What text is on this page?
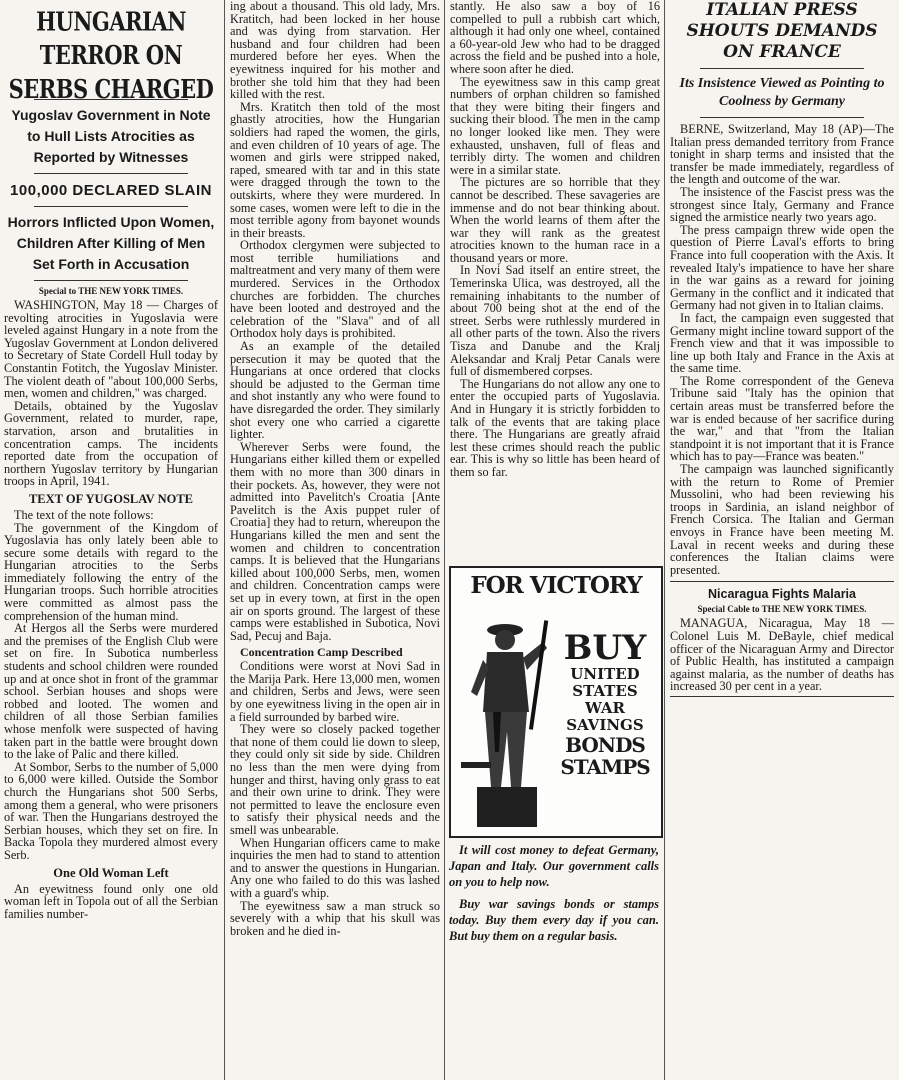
HUNGARIAN TERROR ON SERBS CHARGED
Yugoslav Government in Note to Hull Lists Atrocities as Reported by Witnesses
100,000 DECLARED SLAIN
Horrors Inflicted Upon Women, Children After Killing of Men Set Forth in Accusation
Special to THE NEW YORK TIMES.

WASHINGTON, May 18 — Charges of revolting atrocities in Yugoslavia were leveled against Hungary in a note from the Yugoslav Government at London delivered to Secretary of State Cordell Hull today by Constantin Fotitch, the Yugoslav Minister. The violent death of "about 100,000 Serbs, men, women and children," was charged.

Details, obtained by the Yugoslav Government, related to murder, rape, starvation, arson and brutalities in concentration camps. The incidents reported date from the occupation of northern Yugoslav territory by Hungarian troops in April, 1941.

TEXT OF YUGOSLAV NOTE

The text of the note follows:

The government of the Kingdom of Yugoslavia has only lately been able to secure some details with regard to the Hungarian atrocities to the Serbs immediately following the entry of the Hungarian troops. Such horrible atrocities were committed as almost pass the comprehension of the human mind.

At Hergos all the Serbs were murdered and the premises of the English Club were set on fire. In Subotica numberless students and school children were rounded up and at once shot in front of the grammar school. Serbian houses and shops were robbed and looted. The women and children of all those Serbian families whose menfolk were suspected of having taken part in the battle were brought down to the lake of Palic and there killed.

At Sombor, Serbs to the number of 5,000 to 6,000 were killed. Outside the Sombor church the Hungarians shot 500 Serbs, among them a general, who were prisoners of war. Then the Hungarians destroyed the Serbian houses, which they set on fire. In Backa Topola they murdered almost every Serb.

One Old Woman Left

An eyewitness found only one old woman left in Topola out of all the Serbian families number-

ing about a thousand. This old lady, Mrs. Kratitch, had been locked in her house and was dying from starvation. Her husband and four children had been murdered before her eyes. When the eyewitness inquired for his mother and brother she told him that they had been killed with the rest.

Mrs. Kratitch then told of the most ghastly atrocities, how the Hungarian soldiers had raped the women, the girls, and even children of 10 years of age. The women and girls were stripped naked, raped, smeared with tar and in this state were dragged through the town to the outskirts, where they were murdered. In some cases, women were left to die in the most terrible agony from bayonet wounds in their breasts.

Orthodox clergymen were subjected to most terrible humiliations and maltreatment and very many of them were murdered. Services in the Orthodox churches are forbidden. The churches have been looted and destroyed and the celebration of the "Slava" and of all Orthodox holy days is prohibited.

As an example of the detailed persecution it may be quoted that the Hungarians at once ordered that clocks should be adjusted to the German time and shot instantly any who were found to have disregarded the order. They similarly shot every one who carried a cigarette lighter.

Wherever Serbs were found, the Hungarians either killed them or expelled them with no more than 300 dinars in their pockets. As, however, they were not admitted into Pavelitch's Croatia [Ante Pavelitch is the Axis puppet ruler of Croatia] they had to return, whereupon the Hungarians killed the men and sent the women and children to concentration camps. It is believed that the Hungarians killed about 100,000 Serbs, men, women and children. Concentration camps were set up in every town, at first in the open air on sports ground. The largest of these camps were established in Subotica, Novi Sad, Pecuj and Baja.

Concentration Camp Described

Conditions were worst at Novi Sad in the Marija Park. Here 13,000 men, women and children, Serbs and Jews, were seen by one eyewitness living in the open air in a field surrounded by barbed wire.

They were so closely packed together that none of them could lie down to sleep, they could only sit side by side. Children no less than the men were dying from hunger and thirst, having only grass to eat and their own urine to drink. They were not permitted to leave the enclosure even to satisfy their physical needs and the smell was unbearable.

When Hungarian officers came to make inquiries the men had to stand to attention and to answer the questions in Hungarian. Any one who failed to do this was lashed with a guard's whip.

The eyewitness saw a man struck so severely with a whip that his skull was broken and he died in-

stantly. He also saw a boy of 16 compelled to pull a rubbish cart which, although it had only one wheel, contained a 60-year-old Jew who had to be dragged across the field and be pushed into a hole, where soon after he died.

The eyewitness saw in this camp great numbers of orphan children so famished that they were biting their fingers and sucking their blood. The men in the camp no longer looked like men. They were exhausted, unshaven, full of fleas and terribly dirty. The women and children were in a similar state.

The pictures are so horrible that they cannot be described. These savageries are immense and do not bear thinking about. When the world learns of them after the war they will rank as the greatest atrocities known to the human race in a thousand years or more.

In Novi Sad itself an entire street, the Temerinska Ulica, was destroyed, all the remaining inhabitants to the number of about 700 being shot at the end of the street. Serbs were ruthlessly murdered in all other parts of the town. Also the rivers Tisza and Danube and the Kralj Aleksandar and Kralj Petar Canals were full of dismembered corpses.

The Hungarians do not allow any one to enter the occupied parts of Yugoslavia. And in Hungary it is strictly forbidden to talk of the events that are taking place there. The Hungarians are greatly afraid lest these crimes should reach the public ear. This is why so little has been heard of them so far.

FOR VICTORY
BUY
UNITED
STATES
WAR
SAVINGS
BONDS
STAMPS

It will cost money to defeat Germany, Japan and Italy. Our government calls on you to help now.

Buy war savings bonds or stamps today. Buy them every day if you can. But buy them on a regular basis.

ITALIAN PRESS SHOUTS DEMANDS ON FRANCE
Its Insistence Viewed as Pointing to Coolness by Germany

BERNE, Switzerland, May 18 (AP)—The Italian press demanded territory from France tonight in sharp terms and insisted that the transfer be made immediately, regardless of the length and outcome of the war.

The insistence of the Fascist press was the strongest since Italy, Germany and France signed the armistice nearly two years ago.

The press campaign threw wide open the question of Pierre Laval's efforts to bring France into full cooperation with the Axis. It revealed Italy's impatience to have her share in the war gains as a reward for joining Germany in the conflict and it indicated that Germany had not given in to Italian claims.

In fact, the campaign even suggested that Germany might incline toward support of the French view and that it was impossible to line up both Italy and France in the Axis at the same time.

The Rome correspondent of the Geneva Tribune said "Italy has the opinion that certain areas must be transferred before the war is ended because of her sacrifice during the war," and that "from the Italian standpoint it is not important that it is France which has to pay—France was beaten."

The campaign was launched significantly with the return to Rome of Premier Mussolini, who had been reviewing his troops in Sardinia, an island neighbor of French Corsica. The Italian and German envoys in France have been meeting M. Laval in recent weeks and during these conferences the Italian claims were presented.

Nicaragua Fights Malaria
Special Cable to THE NEW YORK TIMES.

MANAGUA, Nicaragua, May 18 —Colonel Luis M. DeBayle, chief medical officer of the Nicaraguan Army and Director of Public Health, has instituted a campaign against malaria, as the number of deaths has increased 30 per cent in a year.
